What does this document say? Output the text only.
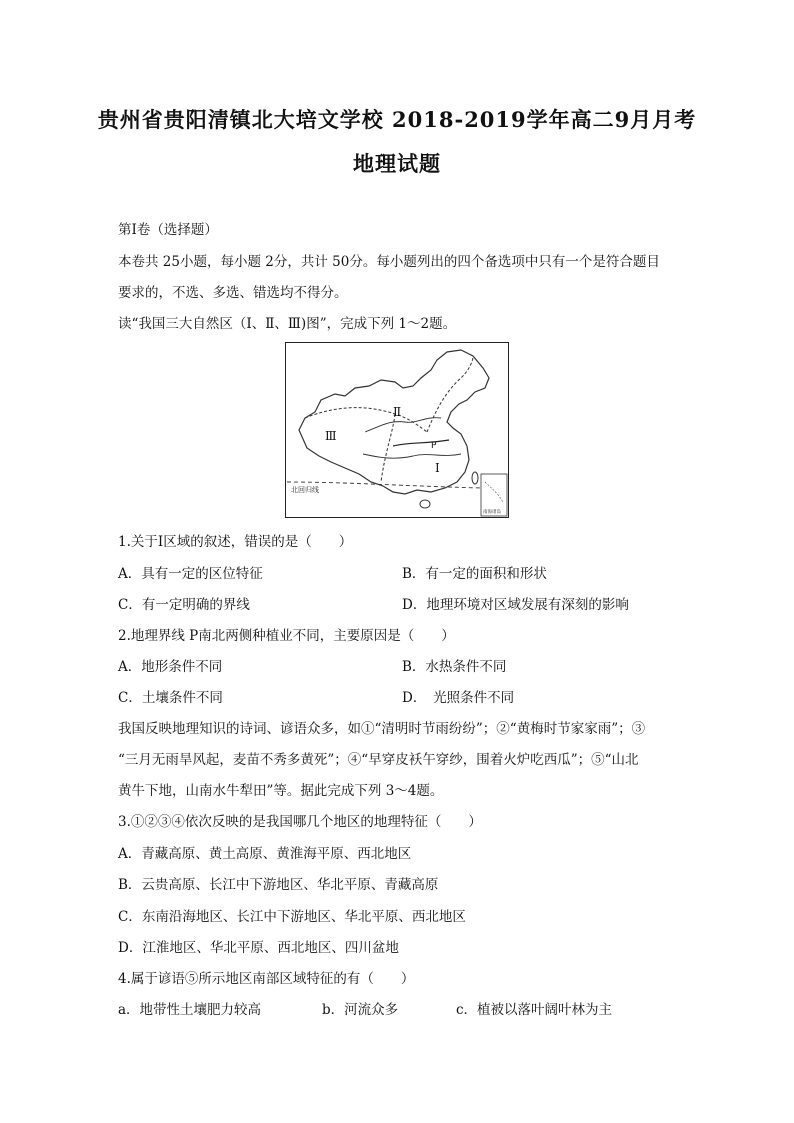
贵州省贵阳清镇北大培文学校 2018-2019学年高二9月月考
地理试题
第Ⅰ卷（选择题）
本卷共 25小题，每小题 2分，共计 50分。每小题列出的四个备选项中只有一个是符合题目
要求的，不选、多选、错选均不得分。
读“我国三大自然区（Ⅰ、Ⅱ、Ⅲ)图”，完成下列 1～2题。
北回归线
Ⅲ
Ⅱ
Ⅰ
P
南海诸岛
1.关于Ⅰ区域的叙述，错误的是（　　）
A．具有一定的区位特征	B．有一定的面积和形状
C．有一定明确的界线	D．地理环境对区域发展有深刻的影响
2.地理界线 P南北两侧种植业不同，主要原因是（　　）
A．地形条件不同	B．水热条件不同
C．土壤条件不同	D．　光照条件不同
我国反映地理知识的诗词、谚语众多，如①“清明时节雨纷纷”；②“黄梅时节家家雨”；③
“三月无雨旱风起，麦苗不秀多黄死”；④“早穿皮袄午穿纱，围着火炉吃西瓜”；⑤“山北
黄牛下地，山南水牛犁田”等。据此完成下列 3～4题。
3.①②③④依次反映的是我国哪几个地区的地理特征（　　）
A．青藏高原、黄土高原、黄淮海平原、西北地区
B．云贵高原、长江中下游地区、华北平原、青藏高原
C．东南沿海地区、长江中下游地区、华北平原、西北地区
D．江淮地区、华北平原、西北地区、四川盆地
4.属于谚语⑤所示地区南部区域特征的有（　　）
a．地带性土壤肥力较高	b．河流众多	c．植被以落叶阔叶林为主
